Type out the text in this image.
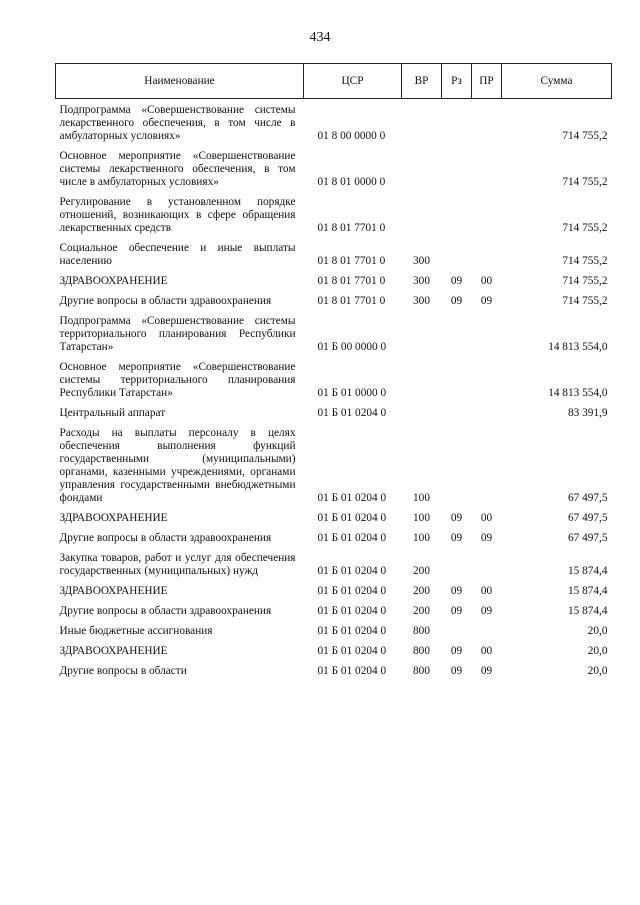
434
Наименование	ЦСР	ВР	Рз	ПР	Сумма
Подпрограмма «Совершенствование системы лекарственного обеспечения, в том числе в амбулаторных условиях»	01 8 00 0000 0				714 755,2
Основное мероприятие «Совершенствование системы лекарственного обеспечения, в том числе в амбулаторных условиях»	01 8 01 0000 0				714 755,2
Регулирование в установленном порядке отношений, возникающих в сфере обращения лекарственных средств	01 8 01 7701 0				714 755,2
Социальное обеспечение и иные выплаты населению	01 8 01 7701 0	300			714 755,2
ЗДРАВООХРАНЕНИЕ	01 8 01 7701 0	300	09	00	714 755,2
Другие вопросы в области здравоохранения	01 8 01 7701 0	300	09	09	714 755,2
Подпрограмма «Совершенствование системы территориального планирования Республики Татарстан»	01 Б 00 0000 0				14 813 554,0
Основное мероприятие «Совершенствование системы территориального планирования Республики Татарстан»	01 Б 01 0000 0				14 813 554,0
Центральный аппарат	01 Б 01 0204 0				83 391,9
Расходы на выплаты персоналу в целях обеспечения выполнения функций государственными (муниципальными) органами, казенными учреждениями, органами управления государственными внебюджетными фондами	01 Б 01 0204 0	100			67 497,5
ЗДРАВООХРАНЕНИЕ	01 Б 01 0204 0	100	09	00	67 497,5
Другие вопросы в области здравоохранения	01 Б 01 0204 0	100	09	09	67 497,5
Закупка товаров, работ и услуг для обеспечения государственных (муниципальных) нужд	01 Б 01 0204 0	200			15 874,4
ЗДРАВООХРАНЕНИЕ	01 Б 01 0204 0	200	09	00	15 874,4
Другие вопросы в области здравоохранения	01 Б 01 0204 0	200	09	09	15 874,4
Иные бюджетные ассигнования	01 Б 01 0204 0	800			20,0
ЗДРАВООХРАНЕНИЕ	01 Б 01 0204 0	800	09	00	20,0
Другие вопросы в области	01 Б 01 0204 0	800	09	09	20,0
